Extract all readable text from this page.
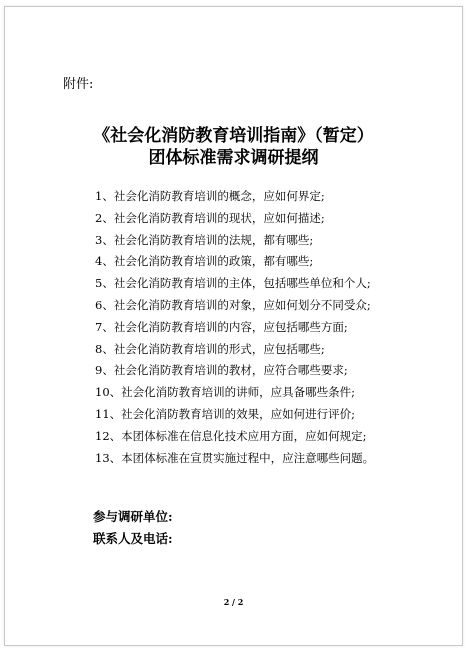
附件:
《社会化消防教育培训指南》（暂定）
团体标准需求调研提纲
1、社会化消防教育培训的概念，应如何界定;
2、社会化消防教育培训的现状，应如何描述;
3、社会化消防教育培训的法规，都有哪些;
4、社会化消防教育培训的政策，都有哪些;
5、社会化消防教育培训的主体，包括哪些单位和个人;
6、社会化消防教育培训的对象，应如何划分不同受众;
7、社会化消防教育培训的内容，应包括哪些方面;
8、社会化消防教育培训的形式，应包括哪些;
9、社会化消防教育培训的教材，应符合哪些要求;
10、社会化消防教育培训的讲师，应具备哪些条件;
11、社会化消防教育培训的效果，应如何进行评价;
12、本团体标准在信息化技术应用方面，应如何规定;
13、本团体标准在宣贯实施过程中，应注意哪些问题。
参与调研单位:
联系人及电话:
2 / 2
